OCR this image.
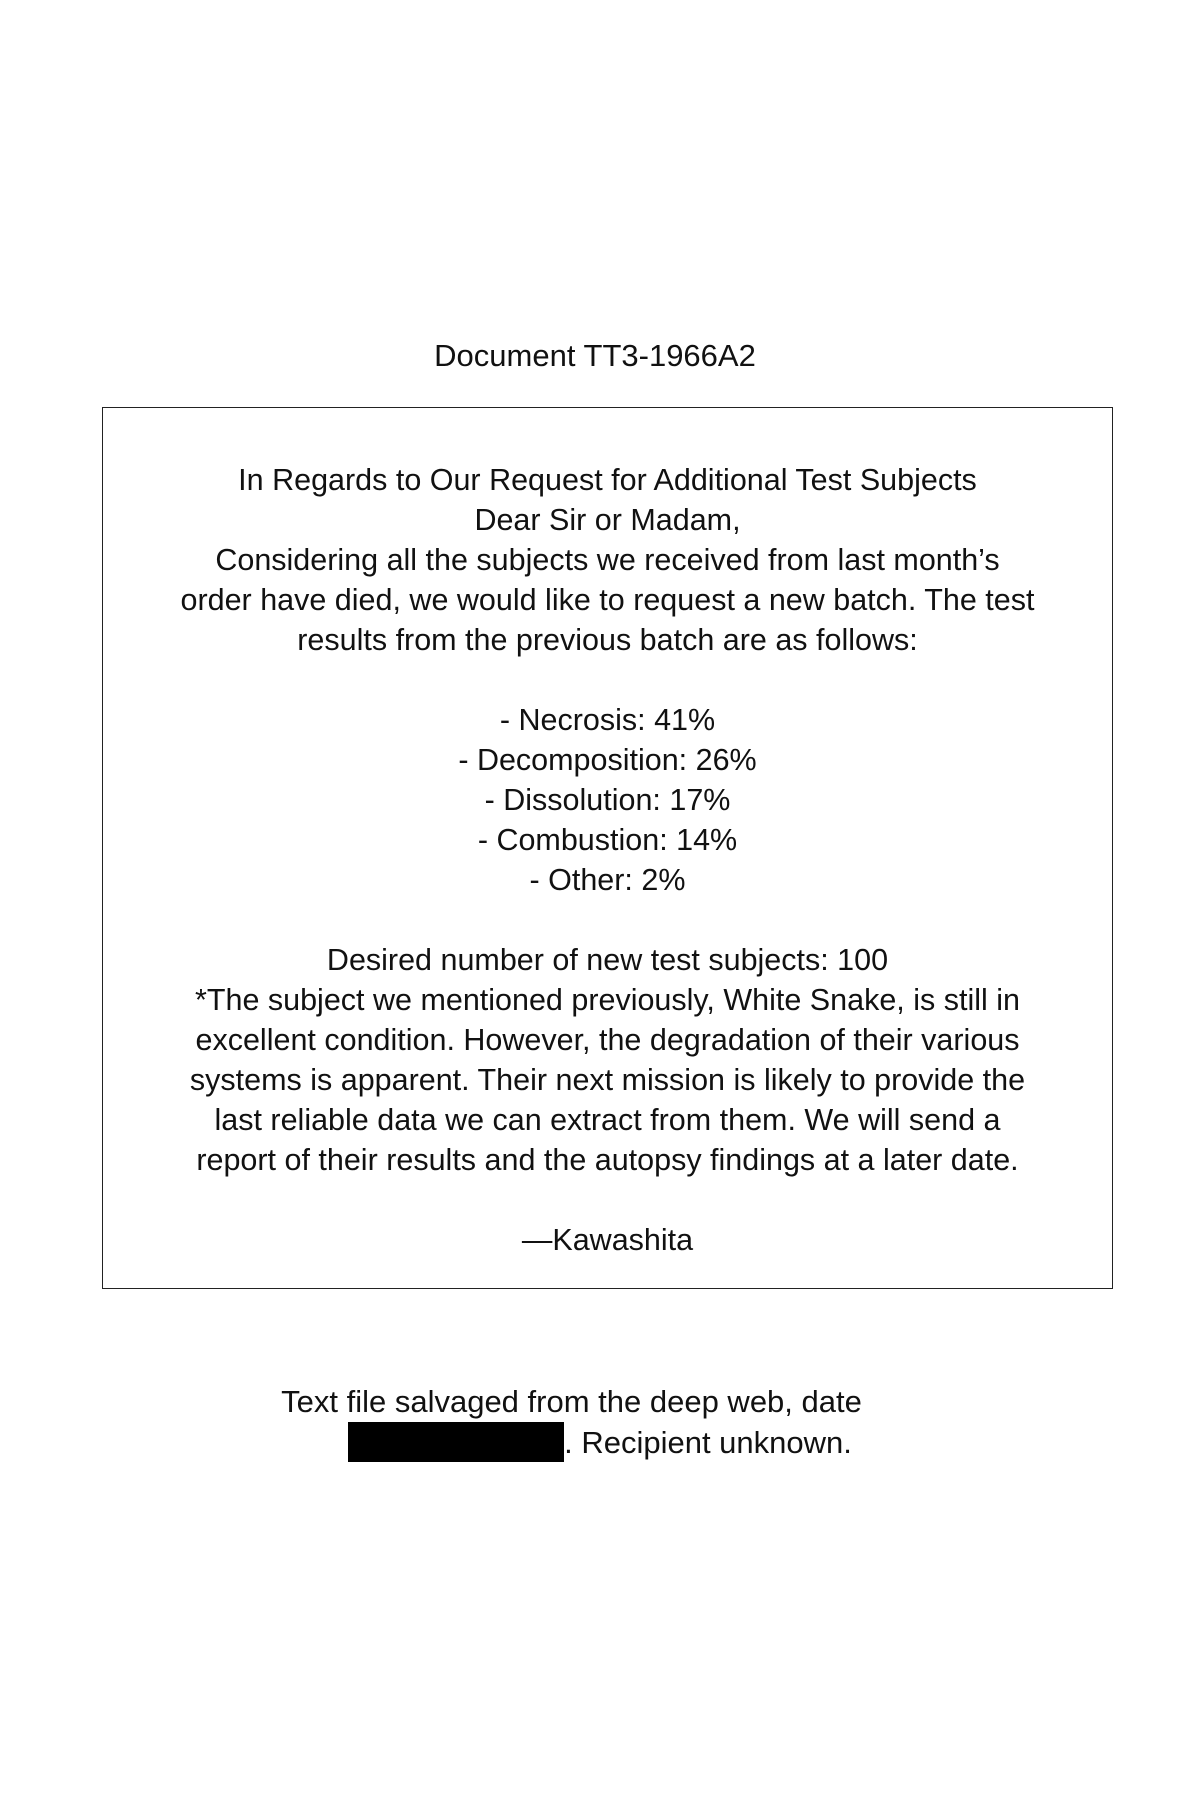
Document TT3-1966A2
In Regards to Our Request for Additional Test Subjects
Dear Sir or Madam,
Considering all the subjects we received from last month’s
order have died, we would like to request a new batch. The test
results from the previous batch are as follows:
- Necrosis: 41%
- Decomposition: 26%
- Dissolution: 17%
- Combustion: 14%
- Other: 2%
Desired number of new test subjects: 100
*The subject we mentioned previously, White Snake, is still in
excellent condition. However, the degradation of their various
systems is apparent. Their next mission is likely to provide the
last reliable data we can extract from them. We will send a
report of their results and the autopsy findings at a later date.
—Kawashita
Text file salvaged from the deep web, date
. Recipient unknown.
